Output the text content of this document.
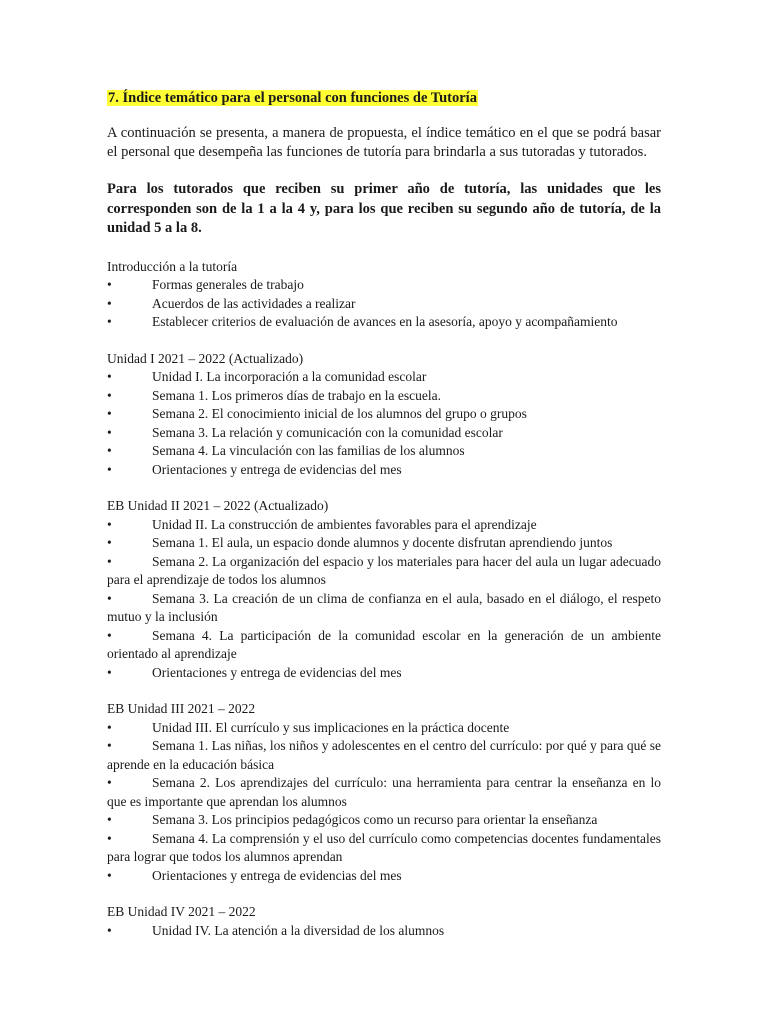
7. Índice temático para el personal con funciones de Tutoría

A continuación se presenta, a manera de propuesta, el índice temático en el que se podrá basar el personal que desempeña las funciones de tutoría para brindarla a sus tutoradas y tutorados.

Para los tutorados que reciben su primer año de tutoría, las unidades que les corresponden son de la 1 a la 4 y, para los que reciben su segundo año de tutoría, de la unidad 5 a la 8.

Introducción a la tutoría
•	Formas generales de trabajo
•	Acuerdos de las actividades a realizar
•	Establecer criterios de evaluación de avances en la asesoría, apoyo y acompañamiento
Unidad I 2021 – 2022 (Actualizado)
•	Unidad I. La incorporación a la comunidad escolar
•	Semana 1. Los primeros días de trabajo en la escuela.
•	Semana 2. El conocimiento inicial de los alumnos del grupo o grupos
•	Semana 3. La relación y comunicación con la comunidad escolar
•	Semana 4. La vinculación con las familias de los alumnos
•	Orientaciones y entrega de evidencias del mes
EB Unidad II 2021 – 2022 (Actualizado)
•	Unidad II. La construcción de ambientes favorables para el aprendizaje
•	Semana 1. El aula, un espacio donde alumnos y docente disfrutan aprendiendo juntos
•	Semana 2. La organización del espacio y los materiales para hacer del aula un lugar adecuado para el aprendizaje de todos los alumnos
•	Semana 3. La creación de un clima de confianza en el aula, basado en el diálogo, el respeto mutuo y la inclusión
•	Semana 4. La participación de la comunidad escolar en la generación de un ambiente orientado al aprendizaje
•	Orientaciones y entrega de evidencias del mes
EB Unidad III 2021 – 2022
•	Unidad III. El currículo y sus implicaciones en la práctica docente
•	Semana 1. Las niñas, los niños y adolescentes en el centro del currículo: por qué y para qué se aprende en la educación básica
•	Semana 2. Los aprendizajes del currículo: una herramienta para centrar la enseñanza en lo que es importante que aprendan los alumnos
•	Semana 3. Los principios pedagógicos como un recurso para orientar la enseñanza
•	Semana 4. La comprensión y el uso del currículo como competencias docentes fundamentales para lograr que todos los alumnos aprendan
•	Orientaciones y entrega de evidencias del mes
EB Unidad IV 2021 – 2022
•	Unidad IV. La atención a la diversidad de los alumnos
